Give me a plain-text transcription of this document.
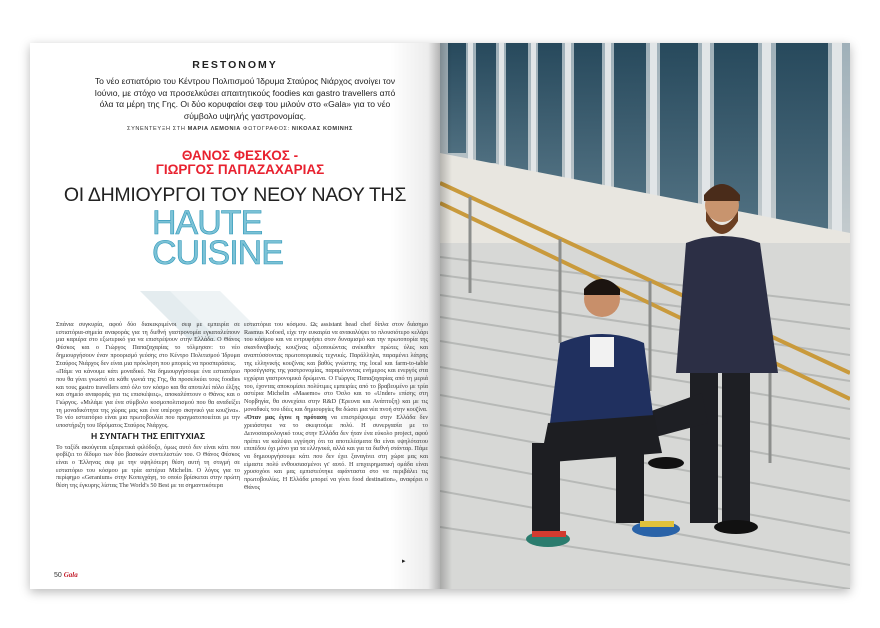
RESTONOMY
Το νέο εστιατόριο του Κέντρου Πολιτισμού Ίδρυμα Σταύρος Νιάρχος ανοίγει τον Ιούνιο, με στόχο να προσελκύσει απαιτητικούς foodies και gastro travellers από όλα τα μέρη της Γης. Οι δύο κορυφαίοι σεφ του μιλούν στο «Gala» για το νέο σύμβολο υψηλής γαστρονομίας.
ΣΥΝΕΝΤΕΥΞΗ ΣΤΗ ΜΑΡΙΑ ΛΕΜΟΝΙΑ ΦΩΤΟΓΡΑΦΟΣ: ΝΙΚΟΛΑΣ ΚΟΜΙΝΗΣ
ΘΑΝΟΣ ΦΕΣΚΟΣ -
ΓΙΩΡΓΟΣ ΠΑΠΑΖΑΧΑΡΙΑΣ
ΟΙ ΔΗΜΙΟΥΡΓΟΙ ΤΟΥ ΝΕΟΥ ΝΑΟΥ ΤΗΣ
HAUTE
CUISINE

Σπάνια συγκυρία, αφού δύο διακεκριμένοι σεφ με εμπειρία σε εστιατόρια-σημεία αναφοράς για τη διεθνή γαστρονομία εγκαταλείπουν μια καριέρα στο εξωτερικό για να επιστρέψουν στην Ελλάδα. Ο Θάνος Φέσκος και ο Γιώργος Παπαζαχαρίας το τόλμησαν: το νέο δημιουργήσουν έναν προορισμό γεύσης στο Κέντρο Πολιτισμού Ίδρυμα Σταύρος Νιάρχος δεν είναι μια πρόκληση που μπορείς να προσπεράσεις.

«Πάμε να κάνουμε κάτι μοναδικό. Να δημιουργήσουμε ένα εστιατόριο που θα γίνει γνωστό σε κάθε γωνιά της Γης, θα προσελκύει τους foodies και τους gastro travellers από όλο τον κόσμο και θα αποτελεί πόλο έλξης και σημείο αναφοράς για τις επισκέψεις», αποκαλύπτουν ο Θάνος και ο Γιώργος. «Μιλάμε για ένα σύμβολο κοσμοπολιτισμού που θα αναδείξει τη μοναδικότητα της χώρας μας και ένα υπέροχο σκηνικό για κουζίνα». Το νέο εστιατόριο είναι μια πρωτοβουλία που πραγματοποιείται με την υποστήριξη του Ιδρύματος Σταύρος Νιάρχος.

Η ΣΥΝΤΑΓΗ ΤΗΣ ΕΠΙΤΥΧΙΑΣ

Το ταξίδι ακούγεται εξαιρετικά φιλόδοξο, όμως αυτό δεν είναι κάτι που φοβίζει το δίδυμο των δύο βασικών συντελεστών του. Ο Θάνος Φέσκος είναι ο Έλληνας σεφ με την υψηλότερη θέση αυτή τη στιγμή σε εστιατόριο του κόσμου με τρία αστέρια Michelin. Ο λόγος για το περίφημο «Geranium» στην Κοπεγχάγη, το οποίο βρίσκεται στην πρώτη θέση της έγκυρης λίστας The World's 50 Best με τα σημαντικότερα

εστιατόρια του κόσμου. Ως assistant head chef δίπλα στον διάσημο Rasmus Kofoed, είχε την ευκαιρία να ανακαλύψει το πλουσιότερο κελάρι του κόσμου και να εντρυφήσει στον δυναμισμό και την πρωτοπορία της σκανδιναβικής κουζίνας αξιοποιώντας ανέκαθεν πρώτες ύλες και αναπτύσσοντας πρωτοποριακές τεχνικές. Παράλληλα, παραμένει λάτρης της ελληνικής κουζίνας και βαθύς γνώστης της local και farm-to-table προσέγγισης της γαστρονομίας, παραμένοντας ενήμερος και ενεργός στα εγχώρια γαστρονομικά δρώμενα. Ο Γιώργος Παπαζαχαρίας από τη μεριά του, έχοντας αποκομίσει πολύτιμες εμπειρίες από το βραβευμένο με τρία αστέρια Michelin «Maaemo» στο Όσλο και το «Under» επίσης στη Νορβηγία, θα συνεχίσει στην R&D (Έρευνα και Ανάπτυξη) και με τις μοναδικές του ιδέες και δημιουργίες θα δώσει μια νέα πνοή στην κουζίνα.

«Όταν μας έγινε η πρόταση να επιστρέψουμε στην Ελλάδα δεν χρειάστηκε να το σκεφτούμε πολύ. Η συνεργασία με το Δεινοσαυρολογικό τους στην Ελλάδα δεν ήταν ένα εύκολο project, αφού πρέπει να καλύψει εγγύηση ότι τα αποτελέσματα θα είναι υψηλότατου επιπέδου όχι μόνο για τα ελληνικά, αλλά και για τα διεθνή στάνταρ. Πάμε να δημιουργήσουμε κάτι που δεν έχει ξαναγίνει στη χώρα μας και είμαστε πολύ ενθουσιασμένοι γι' αυτό. Η επιχειρηματική ομάδα είναι χρυσοχόοι και μας εμπιστεύτηκε αφάνταστα στο να περιβάλει τις πρωτοβουλίες. Η Ελλάδα μπορεί να γίνει food destination», αναφέρει ο Θάνος

▸
50 Gala
